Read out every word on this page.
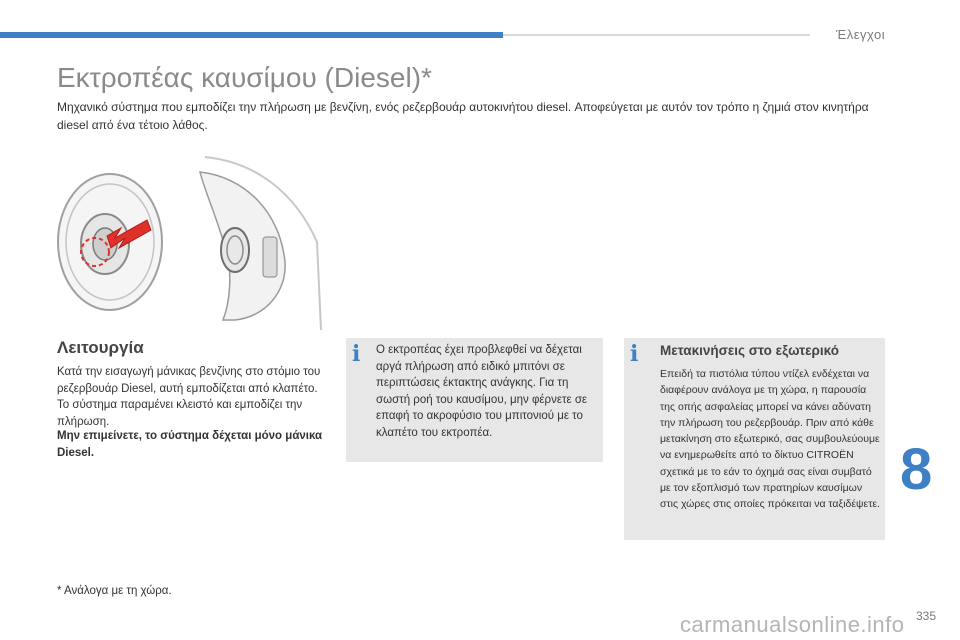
Έλεγχοι
Εκτροπέας καυσίμου (Diesel)*

Μηχανικό σύστημα που εμποδίζει την πλήρωση με βενζίνη, ενός ρεζερβουάρ αυτοκινήτου diesel. Αποφεύγεται με αυτόν τον τρόπο η ζημιά στον κινητήρα diesel από ένα τέτοιο λάθος.

Λειτουργία

Κατά την εισαγωγή μάνικας βενζίνης στο στόμιο του ρεζερβουάρ Diesel, αυτή εμποδίζεται από κλαπέτο. Το σύστημα παραμένει κλειστό και εμποδίζει την πλήρωση.

Μην επιμείνετε, το σύστημα δέχεται μόνο μάνικα Diesel.

i Ο εκτροπέας έχει προβλεφθεί να δέχεται αργά πλήρωση από ειδικό μπιτόνι σε περιπτώσεις έκτακτης ανάγκης. Για τη σωστή ροή του καυσίμου, μην φέρνετε σε επαφή το ακροφύσιο του μπιτονιού με το κλαπέτο του εκτροπέα.
i Μετακινήσεις στο εξωτερικό
Επειδή τα πιστόλια τύπου ντίζελ ενδέχεται να διαφέρουν ανάλογα με τη χώρα, η παρουσία της οπής ασφαλείας μπορεί να κάνει αδύνατη την πλήρωση του ρεζερβουάρ. Πριν από κάθε μετακίνηση στο εξωτερικό, σας συμβουλεύουμε να ενημερωθείτε από το δίκτυο CITROËN σχετικά με το εάν το όχημά σας είναι συμβατό με τον εξοπλισμό των πρατηρίων καυσίμων στις χώρες στις οποίες πρόκειται να ταξιδέψετε.
8

* Ανάλογα με τη χώρα.

carmanualsonline.info 335
